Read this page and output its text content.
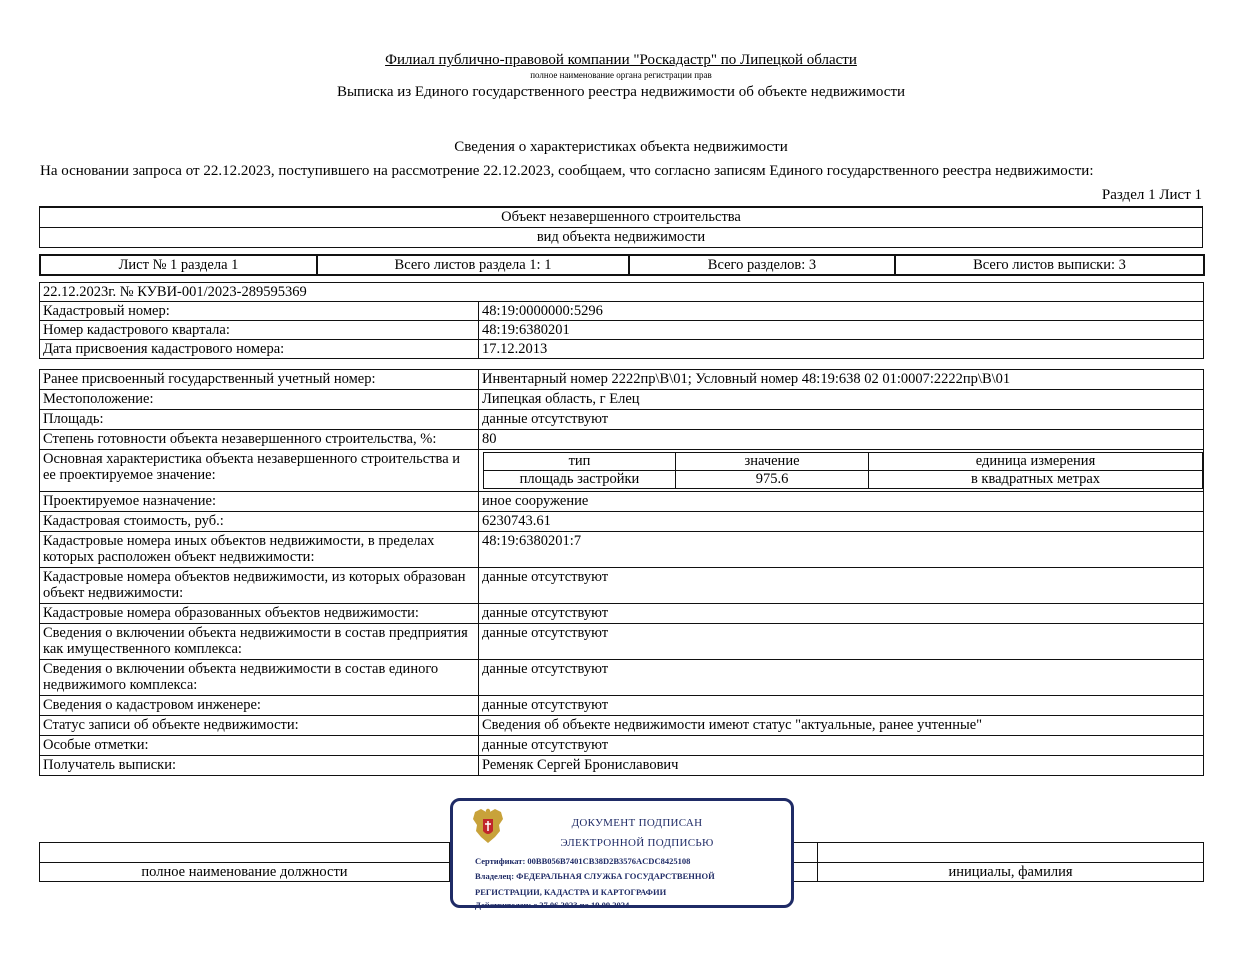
Филиал публично-правовой компании "Роскадастр" по Липецкой области
полное наименование органа регистрации прав
Выписка из Единого государственного реестра недвижимости об объекте недвижимости
Сведения о характеристиках объекта недвижимости
На основании запроса от 22.12.2023, поступившего на рассмотрение 22.12.2023, сообщаем, что согласно записям Единого государственного реестра недвижимости:
Раздел 1 Лист 1
Объект незавершенного строительства
вид объекта недвижимости
Лист № 1 раздела 1	Всего листов раздела 1: 1	Всего разделов: 3	Всего листов выписки: 3
22.12.2023г. № КУВИ-001/2023-289595369	
Кадастровый номер:	48:19:0000000:5296
Номер кадастрового квартала:	48:19:6380201
Дата присвоения кадастрового номера:	17.12.2013
Ранее присвоенный государственный учетный номер:	Инвентарный номер 2222пр\В\01; Условный номер 48:19:638 02 01:0007:2222пр\В\01
Местоположение:	Липецкая область, г Елец
Площадь:	данные отсутствуют
Степень готовности объекта незавершенного строительства, %:	80
Основная характеристика объекта незавершенного строительства и ее проектируемое значение:	
тип	значение	единица измерения
площадь застройки	975.6	в квадратных метрах

Проектируемое назначение:	иное сооружение
Кадастровая стоимость, руб.:	6230743.61
Кадастровые номера иных объектов недвижимости, в пределах которых расположен объект недвижимости:	48:19:6380201:7
Кадастровые номера объектов недвижимости, из которых образован объект недвижимости:	данные отсутствуют
Кадастровые номера образованных объектов недвижимости:	данные отсутствуют
Сведения о включении объекта недвижимости в состав предприятия как имущественного комплекса:	данные отсутствуют
Сведения о включении объекта недвижимости в состав единого недвижимого комплекса:	данные отсутствуют
Сведения о кадастровом инженере:	данные отсутствуют
Статус записи об объекте недвижимости:	Сведения об объекте недвижимости имеют статус "актуальные, ранее учтенные"
Особые отметки:	данные отсутствуют
Получатель выписки:	Ременяк Сергей Брониславович

полное наименование должности		инициалы, фамилия
ДОКУМЕНТ ПОДПИСАН
ЭЛЕКТРОННОЙ ПОДПИСЬЮ
Сертификат: 00BB056B7401CB38D2B3576ACDC8425108
Владелец: ФЕДЕРАЛЬНАЯ СЛУЖБА ГОСУДАРСТВЕННОЙ
РЕГИСТРАЦИИ, КАДАСТРА И КАРТОГРАФИИ
Действителен: с 27.06.2023 по 19.09.2024
